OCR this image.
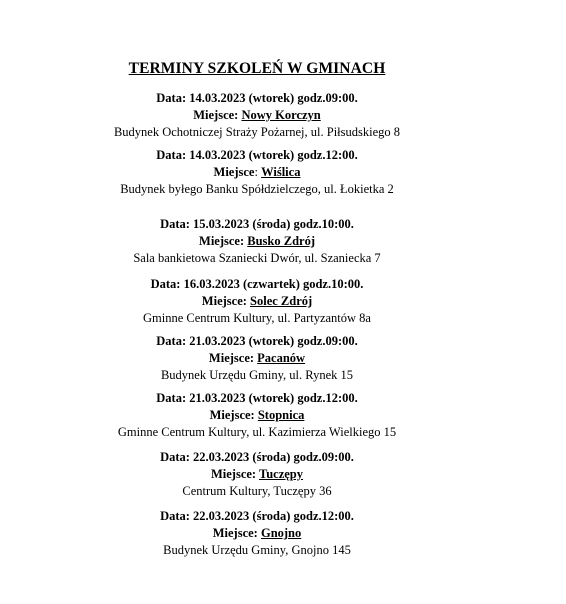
TERMINY SZKOLEŃ W GMINACH
Data: 14.03.2023 (wtorek) godz.09:00.
Miejsce: Nowy Korczyn
Budynek Ochotniczej Straży Pożarnej, ul. Piłsudskiego 8
Data: 14.03.2023 (wtorek) godz.12:00.
Miejsce: Wiślica
Budynek byłego Banku Spółdzielczego, ul. Łokietka 2
Data: 15.03.2023 (środa) godz.10:00.
Miejsce: Busko Zdrój
Sala bankietowa Szaniecki Dwór, ul. Szaniecka 7
Data: 16.03.2023 (czwartek) godz.10:00.
Miejsce: Solec Zdrój
Gminne Centrum Kultury, ul. Partyzantów 8a
Data: 21.03.2023 (wtorek) godz.09:00.
Miejsce: Pacanów
Budynek Urzędu Gminy, ul. Rynek 15
Data: 21.03.2023 (wtorek) godz.12:00.
Miejsce: Stopnica
Gminne Centrum Kultury, ul. Kazimierza Wielkiego 15
Data: 22.03.2023 (środa) godz.09:00.
Miejsce: Tuczępy
Centrum Kultury, Tuczępy 36
Data: 22.03.2023 (środa) godz.12:00.
Miejsce: Gnojno
Budynek Urzędu Gminy, Gnojno 145
